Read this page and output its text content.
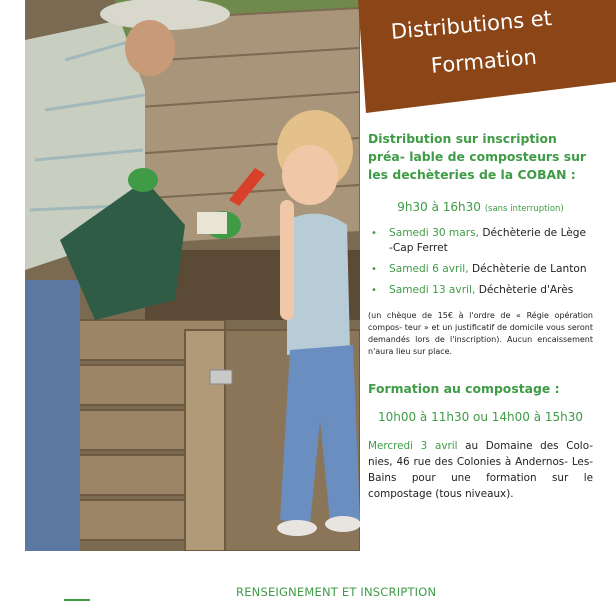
Distributions et
Formation

Distribution sur inscription préa- lable de composteurs sur les dechèteries de la COBAN :

9h30 à 16h30 (sans interruption)

• Samedi 30 mars, Déchèterie de Lège -Cap Ferret
• Samedi 6 avril, Déchèterie de Lanton
• Samedi 13 avril, Déchèterie d'Arès

(un chèque de 15€ à l'ordre de « Régie opération compos- teur » et un justificatif de domicile vous seront demandés lors de l'inscription). Aucun encaissement n'aura lieu sur place.

Formation au compostage :

10h00 à 11h30 ou 14h00 à 15h30

Mercredi 3 avril au Domaine des Colo- nies, 46 rue des Colonies à Andernos- Les-Bains pour une formation sur le compostage (tous niveaux).

RENSEIGNEMENT ET INSCRIPTION
